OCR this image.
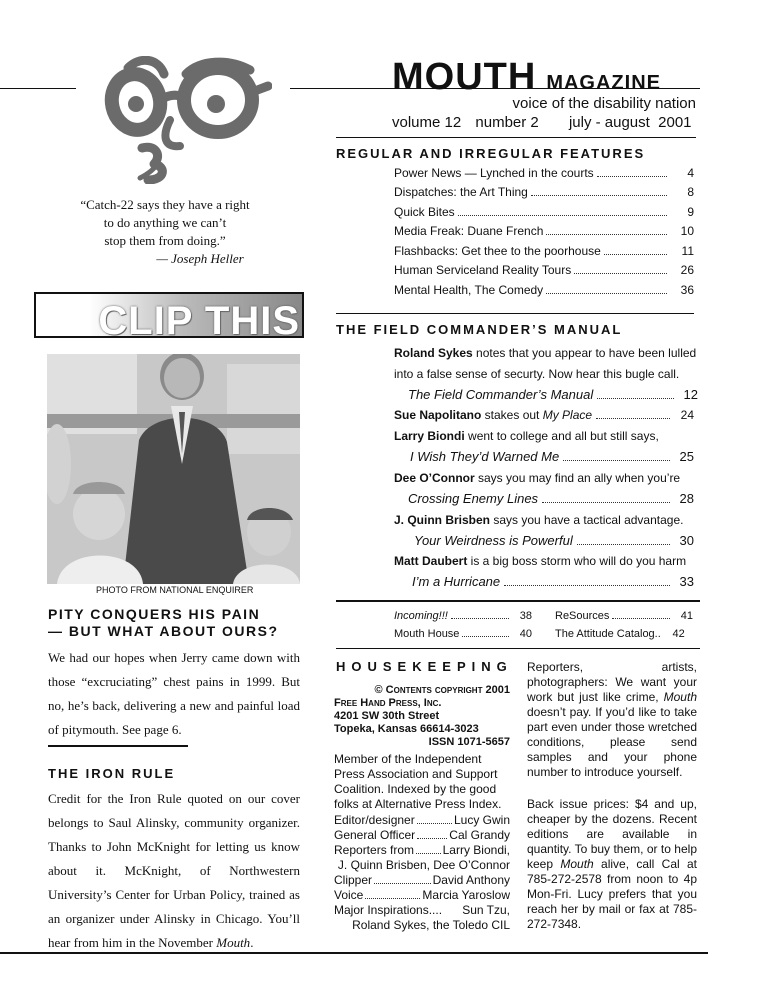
MOUTH MAGAZINE
voice of the disability nation
volume 12 number 2 july - august  2001
“Catch-22 says they have a right
to do anything we can’t
stop them from doing.”
— Joseph Heller
CLIP THIS
PHOTO FROM NATIONAL ENQUIRER
PITY CONQUERS HIS PAIN
— BUT WHAT ABOUT OURS?
We had our hopes when Jerry came down with those “excruciating” chest pains in 1999. But no, he’s back, delivering a new and painful load of pitymouth. See page 6.
THE IRON RULE
Credit for the Iron Rule quoted on our cover belongs to Saul Alinsky, community organizer. Thanks to John McKnight for letting us know about it. McKnight, of Northwestern University’s Center for Urban Policy, trained as an organizer under Alinsky in Chicago. You’ll hear from him in the November Mouth.
REGULAR AND IRREGULAR FEATURES
Power News — Lynched in the courts	4
Dispatches: the Art Thing	8
Quick Bites	9
Media Freak: Duane French	10
Flashbacks: Get thee to the poorhouse	11
Human Serviceland Reality Tours	26
Mental Health, The Comedy	36
THE FIELD COMMANDER’S MANUAL
Roland Sykes notes that you appear to have been lulled
into a false sense of securty. Now hear this bugle call.
The Field Commander’s Manual	12
Sue Napolitano stakes out My Place	24
Larry Biondi went to college and all but still says,
I Wish They’d Warned Me	25
Dee O’Connor says you may find an ally when you’re
Crossing Enemy Lines	28
J. Quinn Brisben says you have a tactical advantage.
Your Weirdness is Powerful	30
Matt Daubert is a big boss storm who will do you harm
I’m a Hurricane	33
Incoming!!!	38 ReSources	41
Mouth House	40 The Attitude Catalog..	42
HOUSEKEEPING
© Contents copyright 2001
Free Hand Press, Inc.
4201 SW 30th Street
Topeka, Kansas 66614-3023
ISSN 1071-5657
Member of the Independent Press Association and Support Coalition. Indexed by the good folks at Alternative Press Index.
Editor/designer	Lucy Gwin
General Officer	Cal Grandy
Reporters from Larry Biondi,
J. Quinn Brisben, Dee O’Connor
Clipper	David Anthony
Voice	Marcia Yaroslow
Major Inspirations.... Sun Tzu,
Roland Sykes, the Toledo CIL
Reporters, artists, photographers: We want your work but just like crime, Mouth doesn’t pay. If you’d like to take part even under those wretched conditions, please send samples and your phone number to introduce yourself.
Back issue prices: $4 and up, cheaper by the dozens. Recent editions are available in quantity. To buy them, or to help keep Mouth alive, call Cal at 785-272-2578 from noon to 4p Mon-Fri. Lucy prefers that you reach her by mail or fax at 785-272-7348.
